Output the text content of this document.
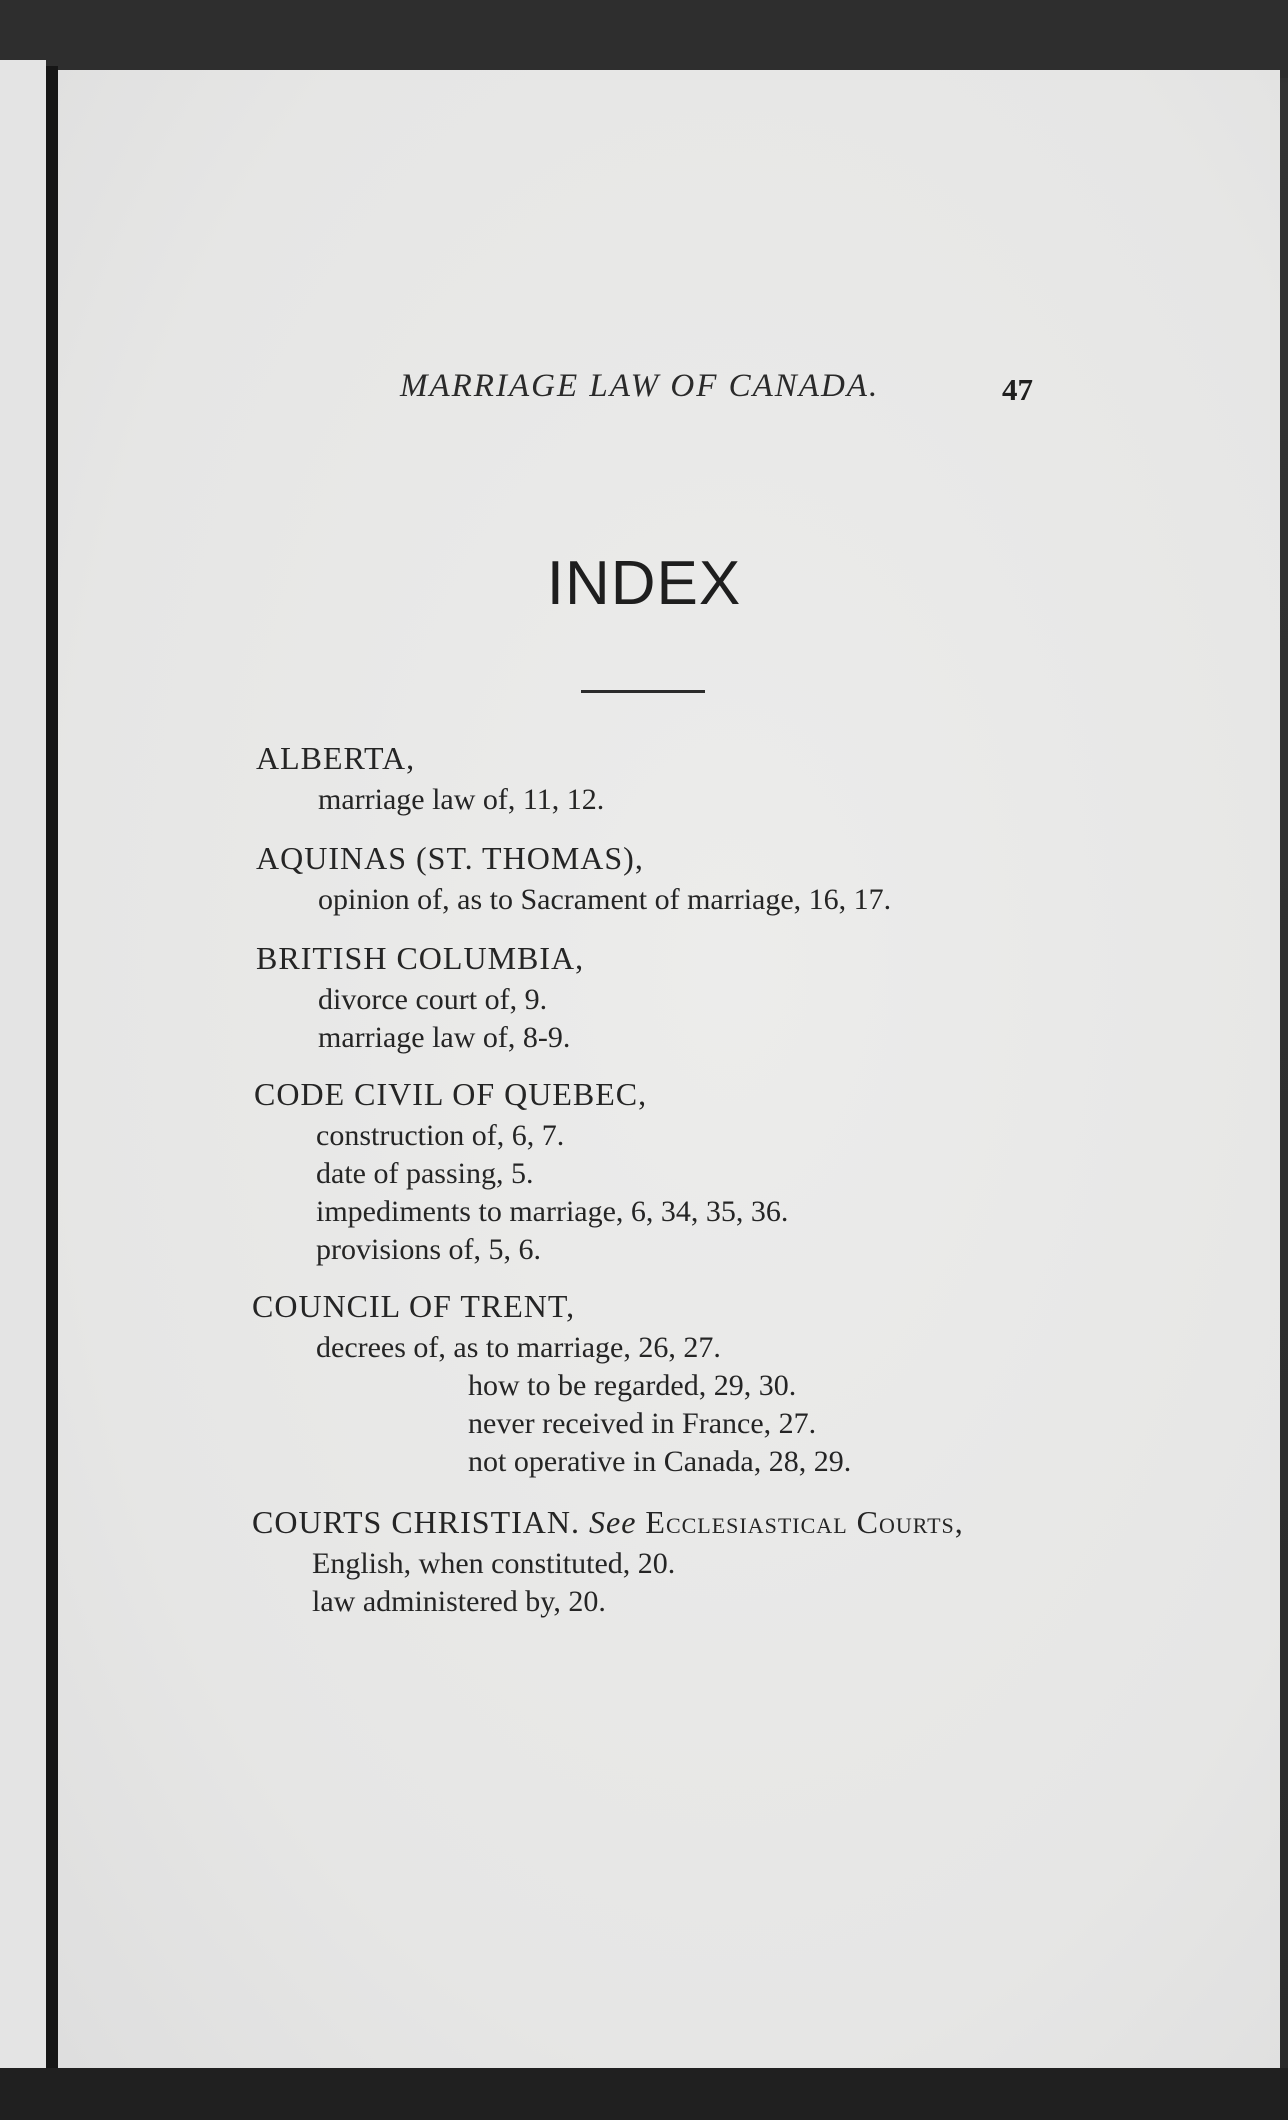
MARRIAGE LAW OF CANADA.	47
INDEX
ALBERTA,
marriage law of, 11, 12.
AQUINAS (ST. THOMAS),
opinion of, as to Sacrament of marriage, 16, 17.
BRITISH COLUMBIA,
divorce court of, 9.
marriage law of, 8-9.
CODE CIVIL OF QUEBEC,
construction of, 6, 7.
date of passing, 5.
impediments to marriage, 6, 34, 35, 36.
provisions of, 5, 6.
COUNCIL OF TRENT,
decrees of, as to marriage, 26, 27.
how to be regarded, 29, 30.
never received in France, 27.
not operative in Canada, 28, 29.
COURTS CHRISTIAN. See Ecclesiastical Courts,
English, when constituted, 20.
law administered by, 20.
